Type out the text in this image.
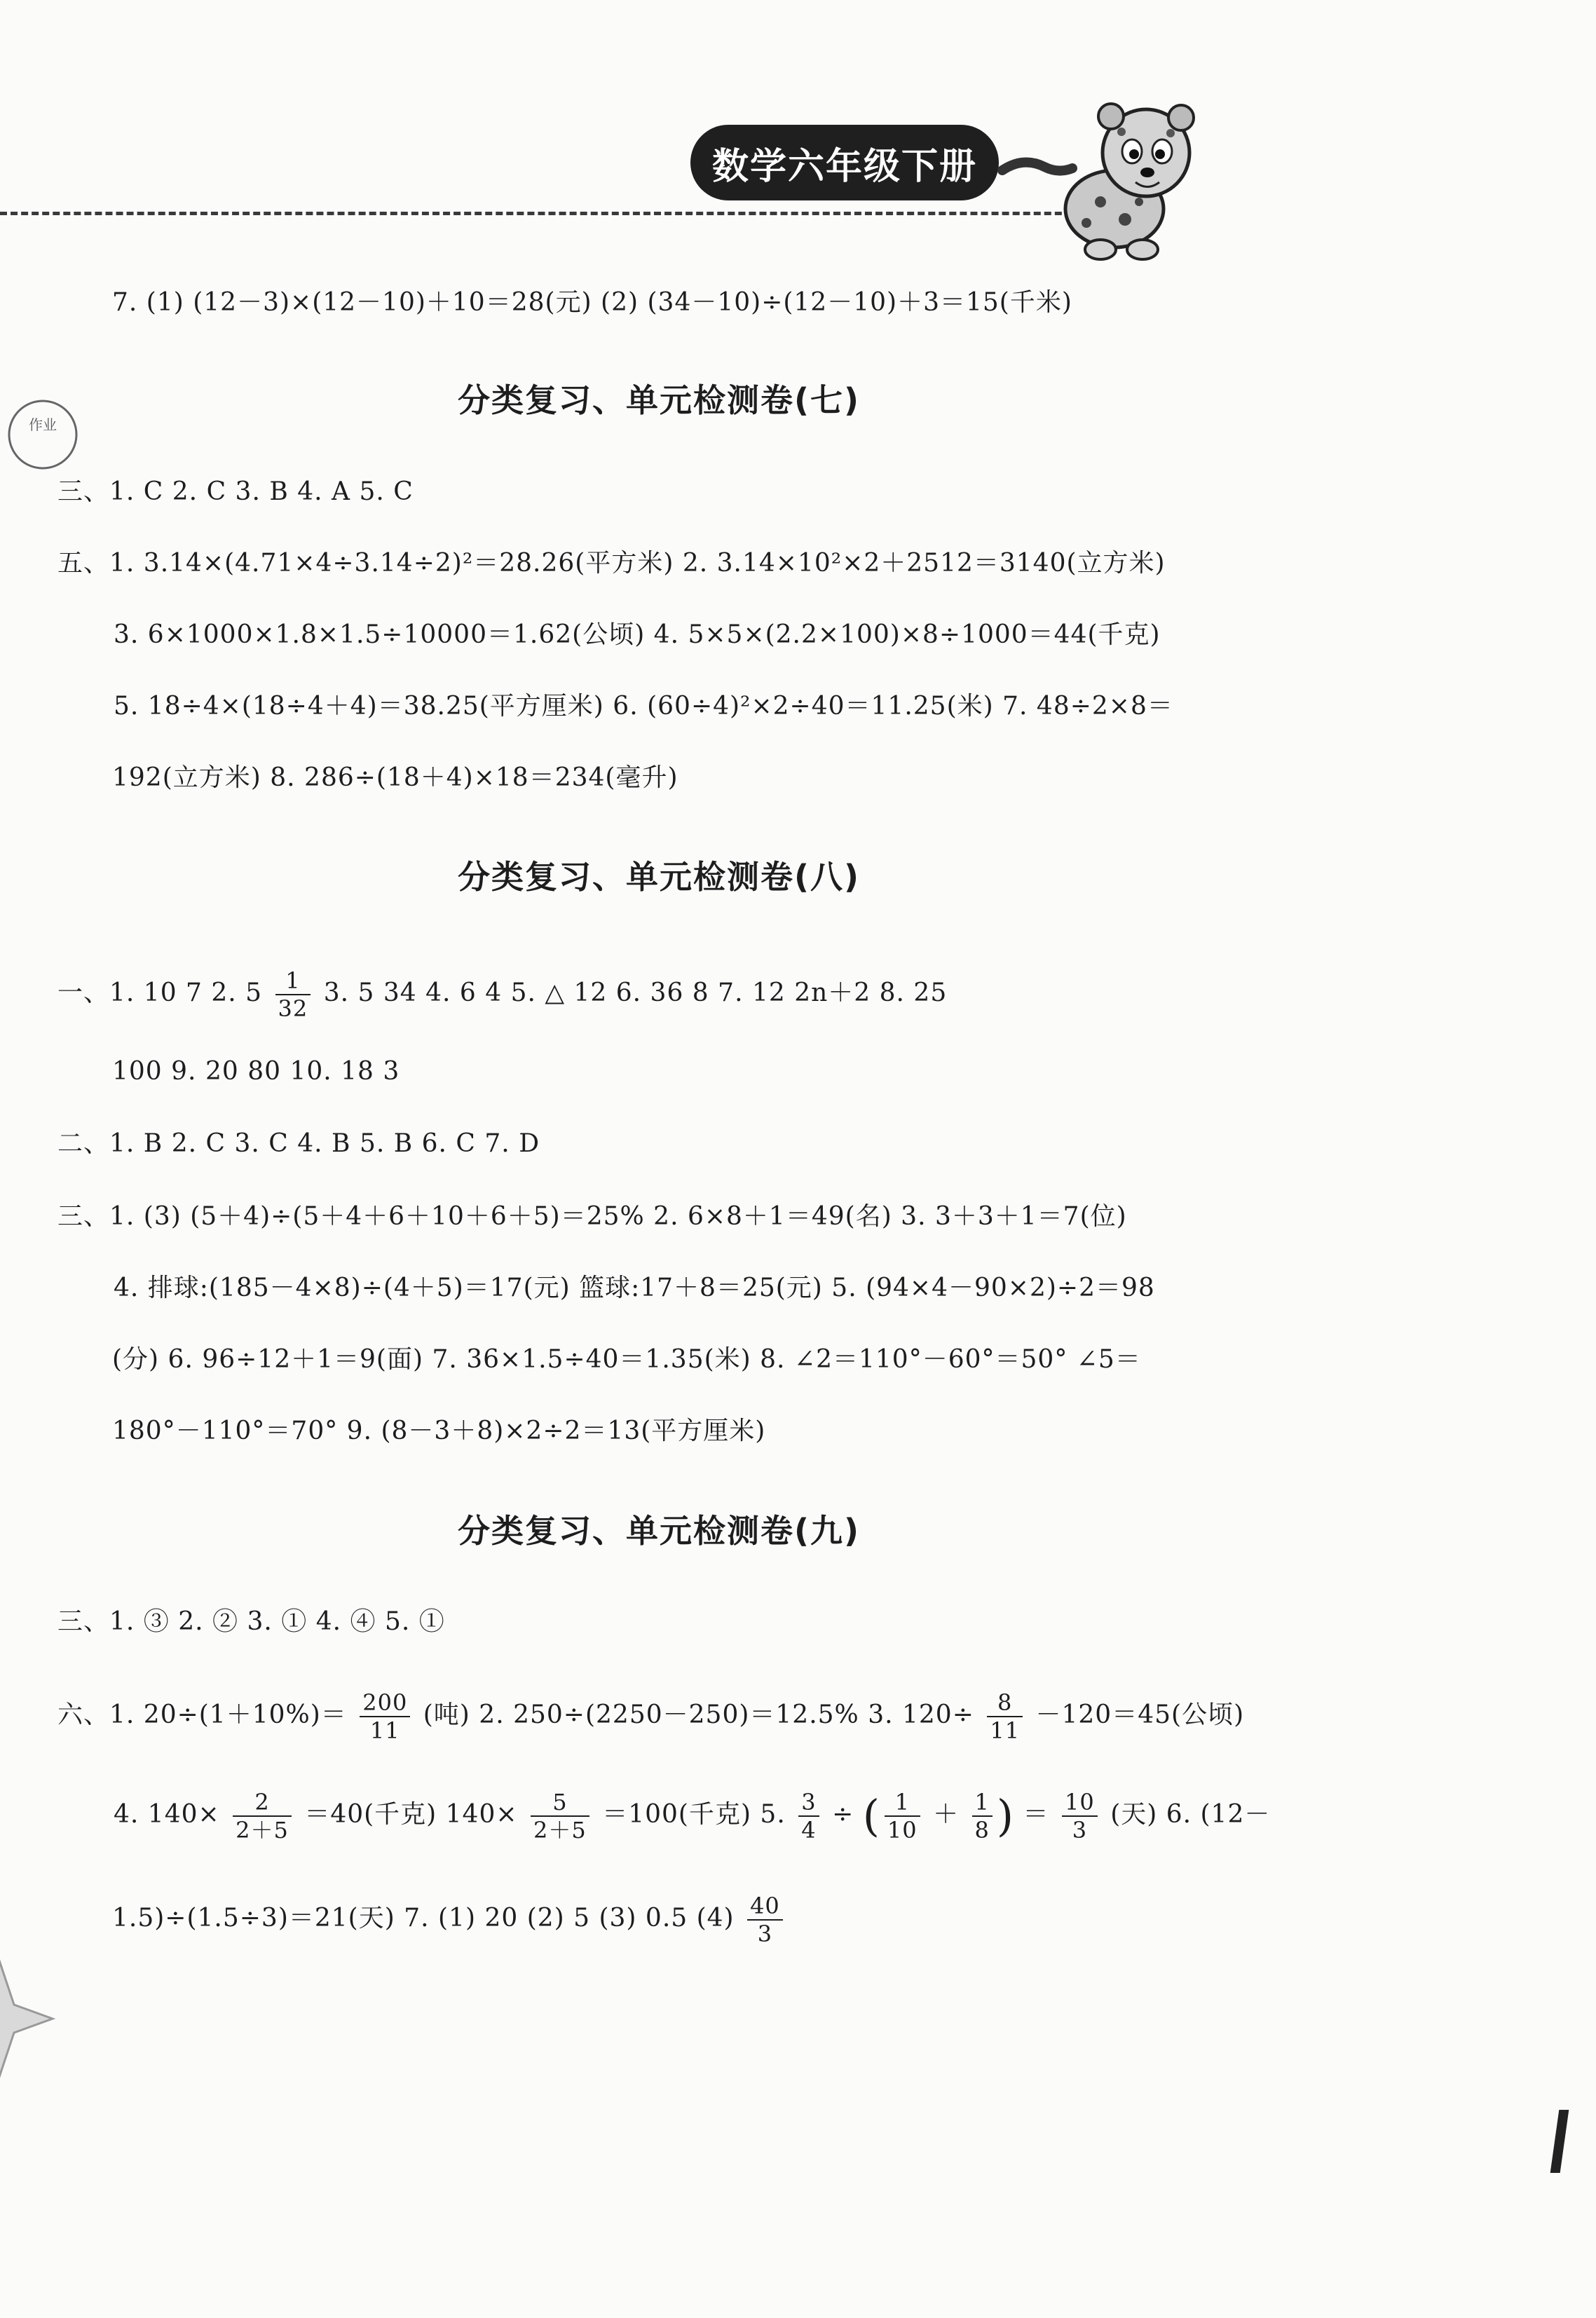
数学六年级下册
作业
7. (1) (12－3)×(12－10)＋10＝28(元) (2) (34－10)÷(12－10)＋3＝15(千米)
分类复习、单元检测卷(七)
三、1. C 2. C 3. B 4. A 5. C
五、1. 3.14×(4.71×4÷3.14÷2)²＝28.26(平方米) 2. 3.14×10²×2＋2512＝3140(立方米)
3. 6×1000×1.8×1.5÷10000＝1.62(公顷) 4. 5×5×(2.2×100)×8÷1000＝44(千克)
5. 18÷4×(18÷4＋4)＝38.25(平方厘米) 6. (60÷4)²×2÷40＝11.25(米) 7. 48÷2×8＝
192(立方米) 8. 286÷(18＋4)×18＝234(毫升)
分类复习、单元检测卷(八)
一、1. 10 7 2. $5 \frac{1}{32} 3$. 5 34 4. 6 4 5. △ 12 6. 36 8 7. 12 2n＋2 8. 25
100 9. 20 80 10. 18 3
二、1. B 2. C 3. C 4. B 5. B 6. C 7. D
三、1. (3) (5＋4)÷(5＋4＋6＋10＋6＋5)＝25% 2. 6×8＋1＝49(名) 3. 3＋3＋1＝7(位)
4. 排球:(185－4×8)÷(4＋5)＝17(元) 篮球:17＋8＝25(元) 5. (94×4－90×2)÷2＝98
(分) 6. 96÷12＋1＝9(面) 7. 36×1.5÷40＝1.35(米) 8. ∠2＝110°－60°＝50° ∠5＝
180°－110°＝70° 9. (8－3＋8)×2÷2＝13(平方厘米)
分类复习、单元检测卷(九)
三、1. ③ 2. ② 3. ① 4. ④ 5. ①
六、1. $20\div(1+10\%)= \frac{200}{11}$ (吨) 2. 250÷(2250－250)＝12.5% 3. $120\div \frac{8}{11} -120=45$(公顷)
4. $140\times \frac{2}{2+5} =40$(千克) $140\times \frac{5}{2+5} =100$(千克) 5. $\frac{3}{4}$ ÷ ( $\frac{1}{10} + \frac{1}{8}$ ) ＝ $\frac{10}{3}$ (天) 6. (12－
1.5)÷(1.5÷3)＝21(天) 7. (1) 20 (2) 5 (3) 0.5 $(4) \frac{40}{3}$
